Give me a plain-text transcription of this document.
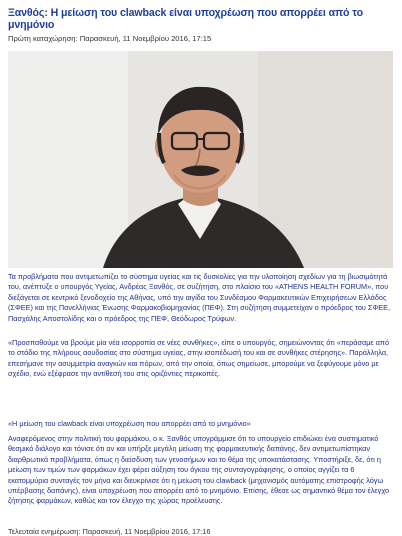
Ξανθός: Η μείωση του clawback είναι υποχρέωση που απορρέει από το μνημόνιο
Πρώτη καταχώρηση: Παρασκευή, 11 Νοεμβρίου 2016, 17:15
Τα προβλήματα που αντιμετωπίζει το σύστημα υγείας και τις δυσκολίες για την υλοποίηση σχεδίων για τη βιωσιμότητά του, ανέπτυξε ο υπουργός Υγείας, Ανδρέας Ξανθός, σε συζήτηση, στο πλαίσιο του «ATHENS HEALTH FORUM», που διεξάγεται σε κεντρικό ξενοδοχείο της Αθήνας, υπό την αιγίδα του Συνδέσμου Φαρμακευτικών Επιχειρήσεων Ελλάδος (ΣΦΕΕ) και της Πανελλήνιας Ένωσης Φαρμακοβιομηχανίας (ΠΕΦ). Στη συζήτηση συμμετείχαν ο πρόεδρος του ΣΦΕΕ, Πασχάλης Αποστολίδης και ο πρόεδρος της ΠΕΦ, Θεόδωρος Τρύφων.
«Προσπαθούμε να βρούμε μία νέα ισορροπία σε νέες συνθήκες», είπε ο υπουργός, σημειώνοντας ότι «περάσαμε από το στάδιο της πλήρους αουδοσίας στο σύστημα υγείας, στην ισοπέδωσή του και σε συνθήκες στέρησης». Παράλληλα, επεσήμανε την ασυμμετρία αναγκών και πόρων, από την οποία, όπως σημείωσε, μπορούμε να ξεφύγουμε μόνο με σχέδιο, ενώ εξέφρασε την αντίθεσή του στις οριζόντιες περικοπές.
«Η μείωση του clawback είναι υποχρέωση που απορρέει από το μνημόνιο»
Αναφερόμενος στην πολιτική του φαρμάκου, ο κ. Ξανθός υπογράμμισε ότι το υπουργείο επιδιώκει ένα συστηματικό θεσμικό διάλογο και τόνισε ότι αν και υπήρξε μεγάλη μείωση της φαρμακευτικής δαπάνης, δεν αντιμετωπίστηκαν διαρθρωτικά προβλήματα, όπως η διείσδυση των γενοσήμων και το θέμα της υποκατάστασης. Υποστήριξε, δε, ότι η μείωση των τιμών των φαρμάκων έχει φέρει αύξηση του όγκου της συνταγογράφησης, ο οποίος αγγίζει τα 6 εκατομμύρια συνταγές τον μήνα και διευκρίνισε ότι η μείωση του clawback (μηχανισμός αυτόματης επιστροφής λόγω υπέρβασης δαπάνης), είναι υποχρέωση που απορρέει από το μνημόνιο. Επίσης, έθεσε ως σημαντικό θέμα τον έλεγχο ζήτησης φαρμάκων, καθώς και τον έλεγχο της χώρας προέλευσης.
Τελευταία ενημέρωση: Παρασκευή, 11 Νοεμβρίου 2016, 17:16
